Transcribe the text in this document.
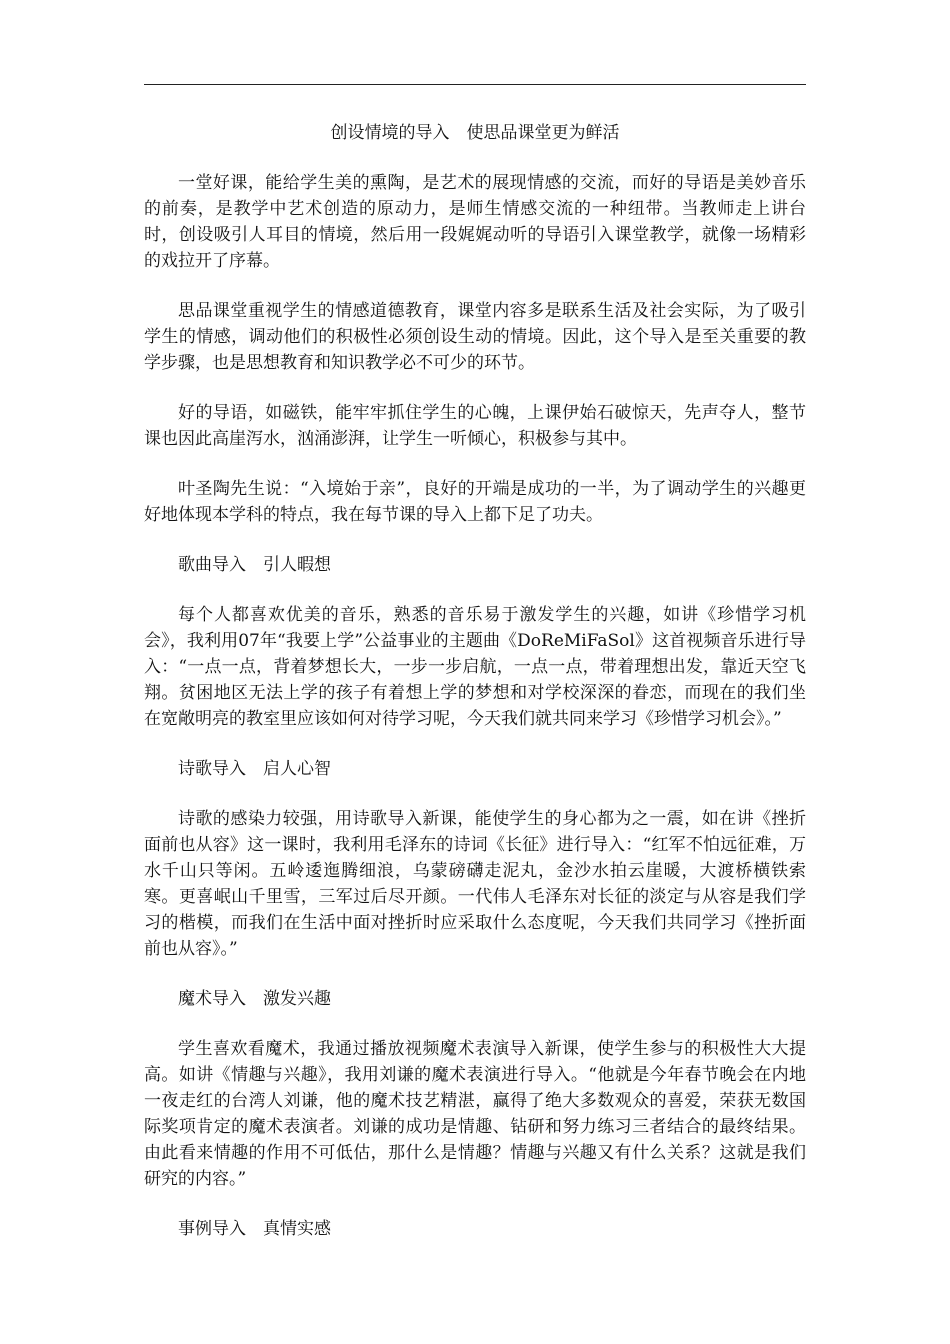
创设情境的导入　使思品课堂更为鲜活

一堂好课，能给学生美的熏陶，是艺术的展现情感的交流，而好的导语是美妙音乐的前奏，是教学中艺术创造的原动力，是师生情感交流的一种纽带。当教师走上讲台时，创设吸引人耳目的情境，然后用一段娓娓动听的导语引入课堂教学，就像一场精彩的戏拉开了序幕。

思品课堂重视学生的情感道德教育，课堂内容多是联系生活及社会实际，为了吸引学生的情感，调动他们的积极性必须创设生动的情境。因此，这个导入是至关重要的教学步骤，也是思想教育和知识教学必不可少的环节。

好的导语，如磁铁，能牢牢抓住学生的心魄，上课伊始石破惊天，先声夺人，整节课也因此高崖泻水，汹涌澎湃，让学生一听倾心，积极参与其中。

叶圣陶先生说：“入境始于亲”，良好的开端是成功的一半，为了调动学生的兴趣更好地体现本学科的特点，我在每节课的导入上都下足了功夫。

歌曲导入　引人暇想

每个人都喜欢优美的音乐，熟悉的音乐易于激发学生的兴趣，如讲《珍惜学习机会》，我利用07年“我要上学”公益事业的主题曲《DoReMiFaSol》这首视频音乐进行导入：“一点一点，背着梦想长大，一步一步启航，一点一点，带着理想出发，靠近天空飞翔。贫困地区无法上学的孩子有着想上学的梦想和对学校深深的眷恋，而现在的我们坐在宽敞明亮的教室里应该如何对待学习呢，今天我们就共同来学习《珍惜学习机会》。”

诗歌导入　启人心智

诗歌的感染力较强，用诗歌导入新课，能使学生的身心都为之一震，如在讲《挫折面前也从容》这一课时，我利用毛泽东的诗词《长征》进行导入：“红军不怕远征难，万水千山只等闲。五岭逶迤腾细浪，乌蒙磅礴走泥丸，金沙水拍云崖暖，大渡桥横铁索寒。更喜岷山千里雪，三军过后尽开颜。一代伟人毛泽东对长征的淡定与从容是我们学习的楷模，而我们在生活中面对挫折时应采取什么态度呢，今天我们共同学习《挫折面前也从容》。”

魔术导入　激发兴趣

学生喜欢看魔术，我通过播放视频魔术表演导入新课，使学生参与的积极性大大提高。如讲《情趣与兴趣》，我用刘谦的魔术表演进行导入。“他就是今年春节晚会在内地一夜走红的台湾人刘谦，他的魔术技艺精湛，赢得了绝大多数观众的喜爱，荣获无数国际奖项肯定的魔术表演者。刘谦的成功是情趣、钻研和努力练习三者结合的最终结果。由此看来情趣的作用不可低估，那什么是情趣？情趣与兴趣又有什么关系？这就是我们研究的内容。”

事例导入　真情实感
